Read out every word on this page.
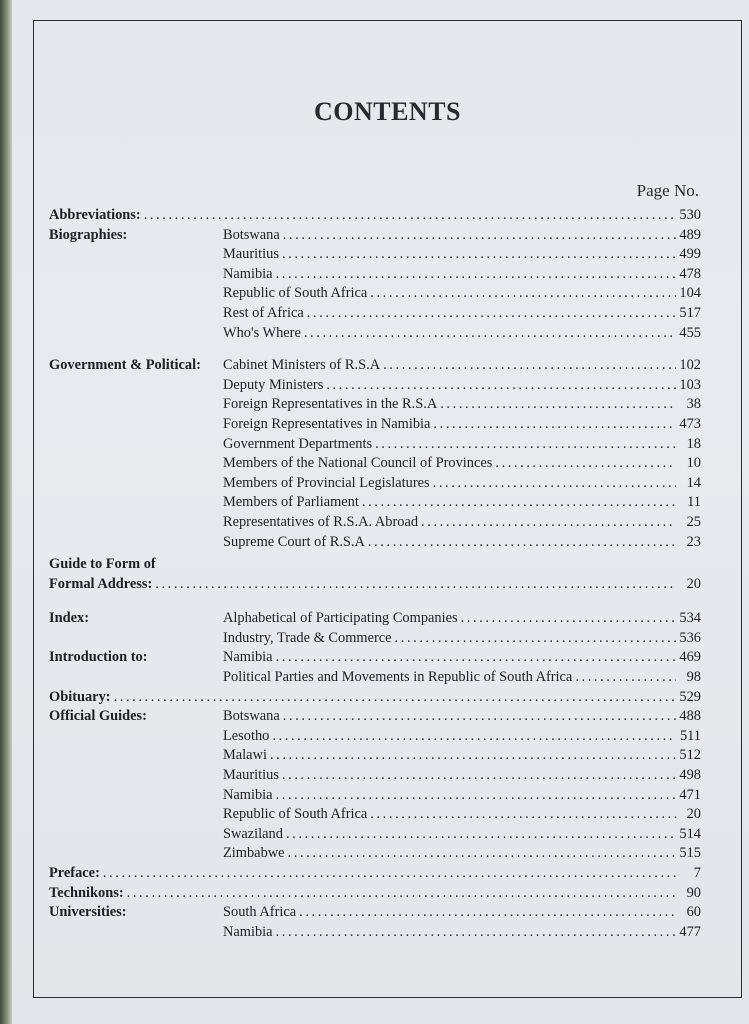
CONTENTS
Page No.
Abbreviations: . . .	530
Biographies:	Botswana . . .	489
Mauritius . . .	499
Namibia . . .	478
Republic of South Africa . . .	104
Rest of Africa . . .	517
Who's Where . . .	455
Government & Political: Cabinet Ministers of R.S.A . . .	102
Deputy Ministers . . .	103
Foreign Representatives in the R.S.A . . .	38
Foreign Representatives in Namibia . . .	473
Government Departments . . .	18
Members of the National Council of Provinces . . .	10
Members of Provincial Legislatures . . .	14
Members of Parliament . . .	11
Representatives of R.S.A. Abroad . . .	25
Supreme Court of R.S.A . . .	23
Guide to Form of
Formal Address: . . .	20
Index:	Alphabetical of Participating Companies . . .	534
Industry, Trade & Commerce . . .	536
Introduction to:	Namibia . . .	469
Political Parties and Movements in Republic of South Africa . . .	98
Obituary: . . .	529
Official Guides:	Botswana . . .	488
Lesotho . . .	511
Malawi . . .	512
Mauritius . . .	498
Namibia . . .	471
Republic of South Africa . . .	20
Swaziland . . .	514
Zimbabwe . . .	515
Preface: . . .	7
Technikons: . . .	90
Universities:	South Africa . . .	60
Namibia . . .	477
